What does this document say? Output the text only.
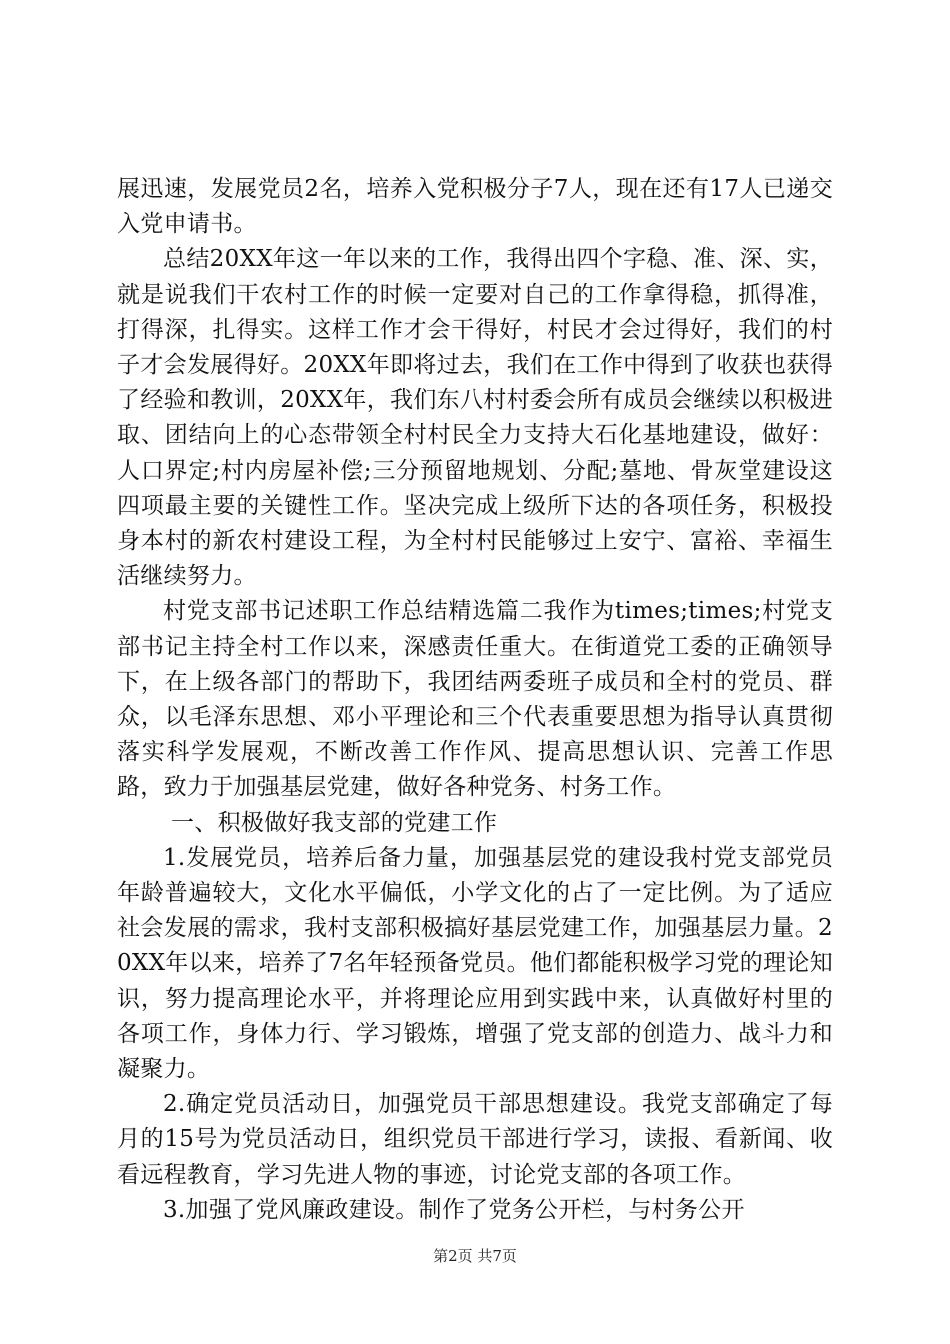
展迅速，发展党员2名，培养入党积极分子7人，现在还有17人已递交入党申请书。

总结20XX年这一年以来的工作，我得出四个字稳、准、深、实，就是说我们干农村工作的时候一定要对自己的工作拿得稳，抓得准，打得深，扎得实。这样工作才会干得好，村民才会过得好，我们的村子才会发展得好。20XX年即将过去，我们在工作中得到了收获也获得了经验和教训，20XX年，我们东八村村委会所有成员会继续以积极进取、团结向上的心态带领全村村民全力支持大石化基地建设，做好：人口界定;村内房屋补偿;三分预留地规划、分配;墓地、骨灰堂建设这四项最主要的关键性工作。坚决完成上级所下达的各项任务，积极投身本村的新农村建设工程，为全村村民能够过上安宁、富裕、幸福生活继续努力。

村党支部书记述职工作总结精选篇二我作为times;times;村党支部书记主持全村工作以来，深感责任重大。在街道党工委的正确领导下，在上级各部门的帮助下，我团结两委班子成员和全村的党员、群众，以毛泽东思想、邓小平理论和三个代表重要思想为指导认真贯彻落实科学发展观，不断改善工作作风、提高思想认识、完善工作思路，致力于加强基层党建，做好各种党务、村务工作。

一、积极做好我支部的党建工作

1.发展党员，培养后备力量，加强基层党的建设我村党支部党员年龄普遍较大，文化水平偏低，小学文化的占了一定比例。为了适应社会发展的需求，我村支部积极搞好基层党建工作，加强基层力量。20XX年以来，培养了7名年轻预备党员。他们都能积极学习党的理论知识，努力提高理论水平，并将理论应用到实践中来，认真做好村里的各项工作，身体力行、学习锻炼，增强了党支部的创造力、战斗力和凝聚力。

2.确定党员活动日，加强党员干部思想建设。我党支部确定了每月的15号为党员活动日，组织党员干部进行学习，读报、看新闻、收看远程教育，学习先进人物的事迹，讨论党支部的各项工作。

3.加强了党风廉政建设。制作了党务公开栏，与村务公开

第2页 共7页
